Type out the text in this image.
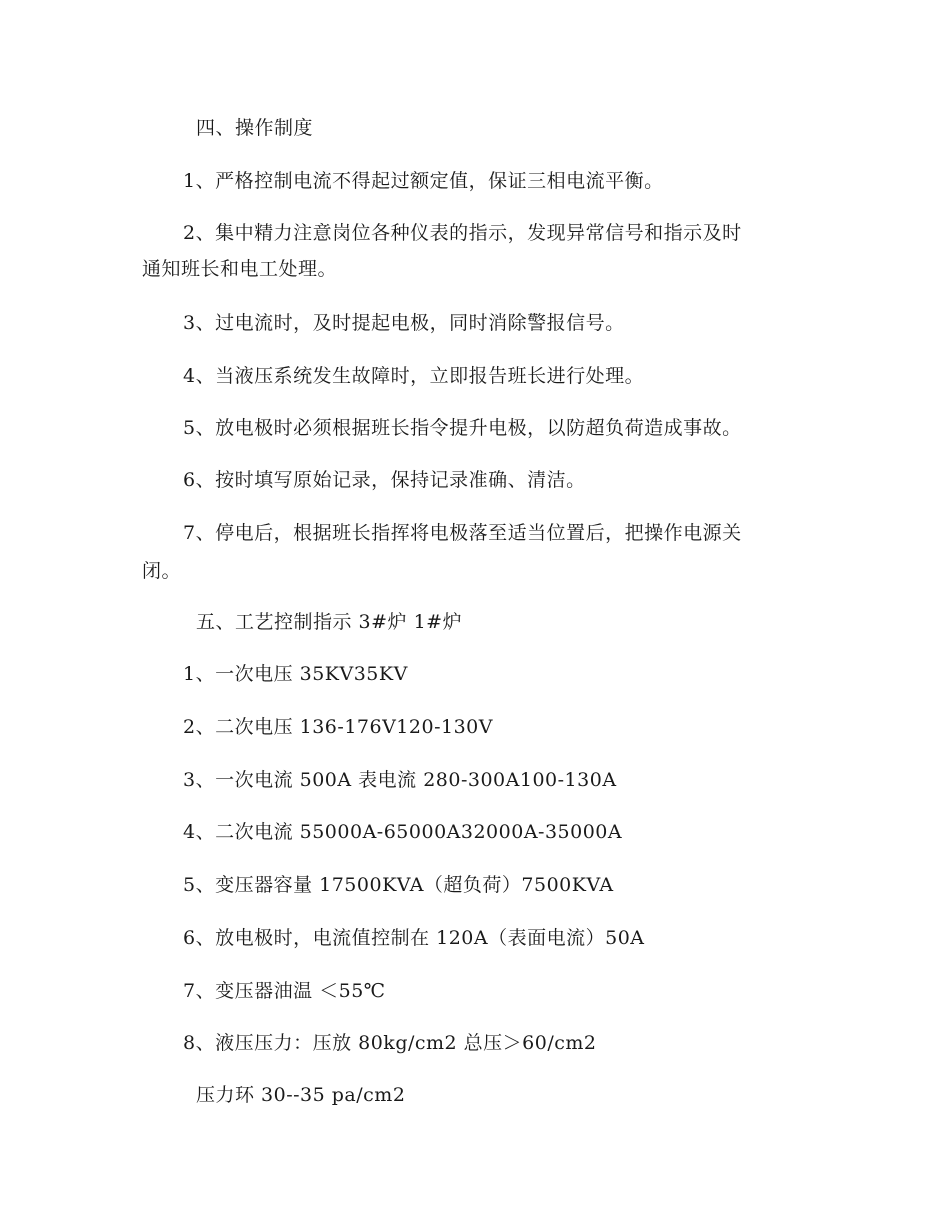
四、操作制度
1、严格控制电流不得起过额定值，保证三相电流平衡。
2、集中精力注意岗位各种仪表的指示，发现异常信号和指示及时
通知班长和电工处理。
3、过电流时，及时提起电极，同时消除警报信号。
4、当液压系统发生故障时，立即报告班长进行处理。
5、放电极时必须根据班长指令提升电极，以防超负荷造成事故。
6、按时填写原始记录，保持记录准确、清洁。
7、停电后，根据班长指挥将电极落至适当位置后，把操作电源关
闭。
五、工艺控制指示 3#炉 1#炉
1、一次电压 35KV35KV
2、二次电压 136-176V120-130V
3、一次电流 500A 表电流 280-300A100-130A
4、二次电流 55000A-65000A32000A-35000A
5、变压器容量 17500KVA（超负荷）7500KVA
6、放电极时，电流值控制在 120A（表面电流）50A
7、变压器油温 ＜55℃
8、液压压力：压放 80kg/cm2 总压＞60/cm2
压力环 30--35 pa/cm2
